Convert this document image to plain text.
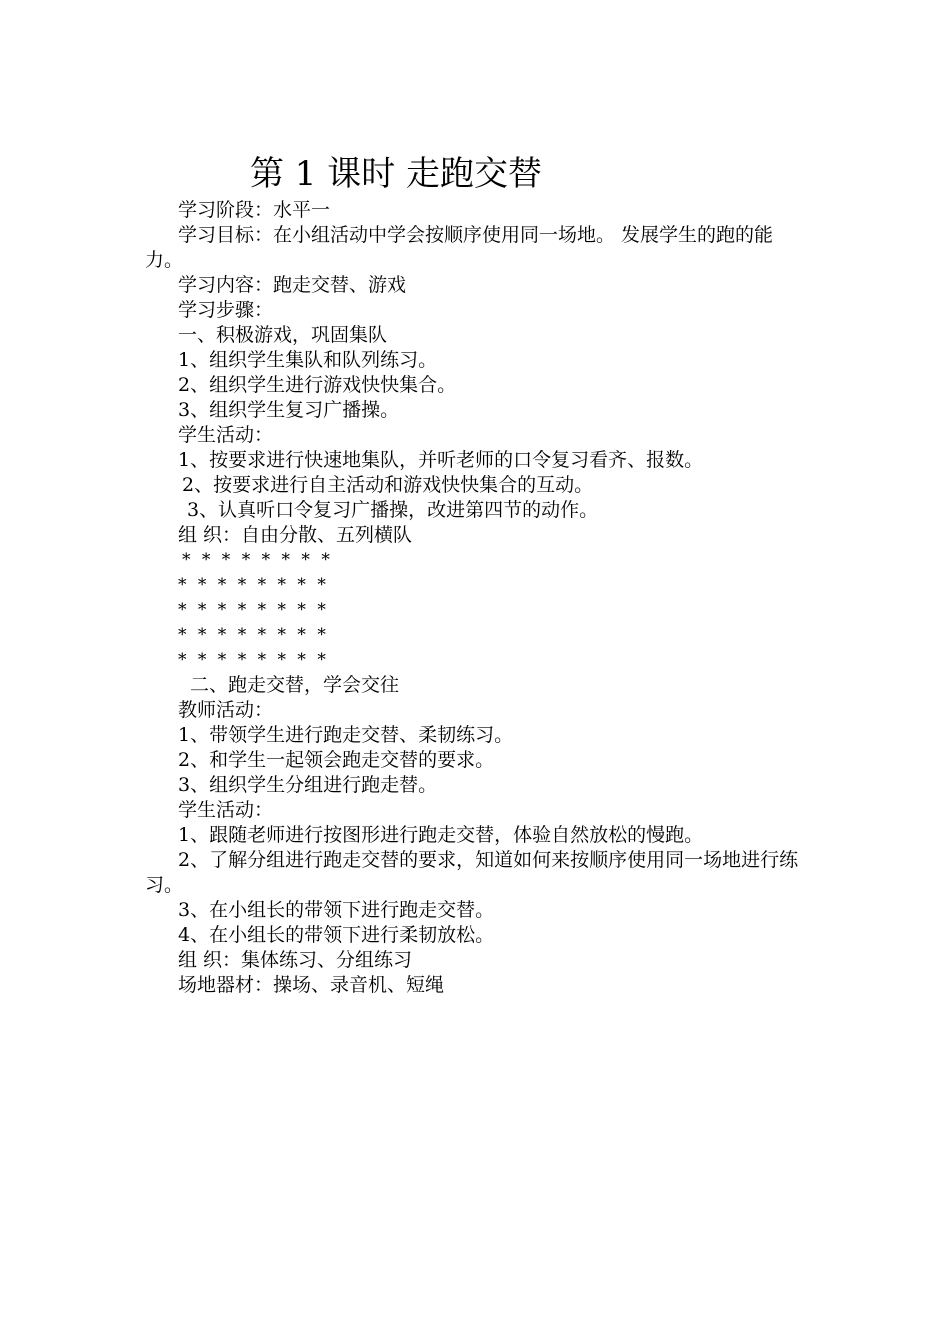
第 1 课时 走跑交替
学习阶段：水平一
学习目标：在小组活动中学会按顺序使用同一场地。 发展学生的跑的能力。
学习内容：跑走交替、游戏
学习步骤：
一、积极游戏，巩固集队
1、组织学生集队和队列练习。
2、组织学生进行游戏快快集合。
3、组织学生复习广播操。
学生活动：
1、按要求进行快速地集队，并听老师的口令复习看齐、报数。
2、按要求进行自主活动和游戏快快集合的互动。
3、认真听口令复习广播操，改进第四节的动作。
组 织：自由分散、五列横队
* * * * * * * *
* * * * * * * *
* * * * * * * *
* * * * * * * *
* * * * * * * *
二、跑走交替，学会交往
教师活动：
1、带领学生进行跑走交替、柔韧练习。
2、和学生一起领会跑走交替的要求。
3、组织学生分组进行跑走替。
学生活动：
1、跟随老师进行按图形进行跑走交替，体验自然放松的慢跑。
2、了解分组进行跑走交替的要求，知道如何来按顺序使用同一场地进行练习。
3、在小组长的带领下进行跑走交替。
4、在小组长的带领下进行柔韧放松。
组 织：集体练习、分组练习
场地器材：操场、录音机、短绳
